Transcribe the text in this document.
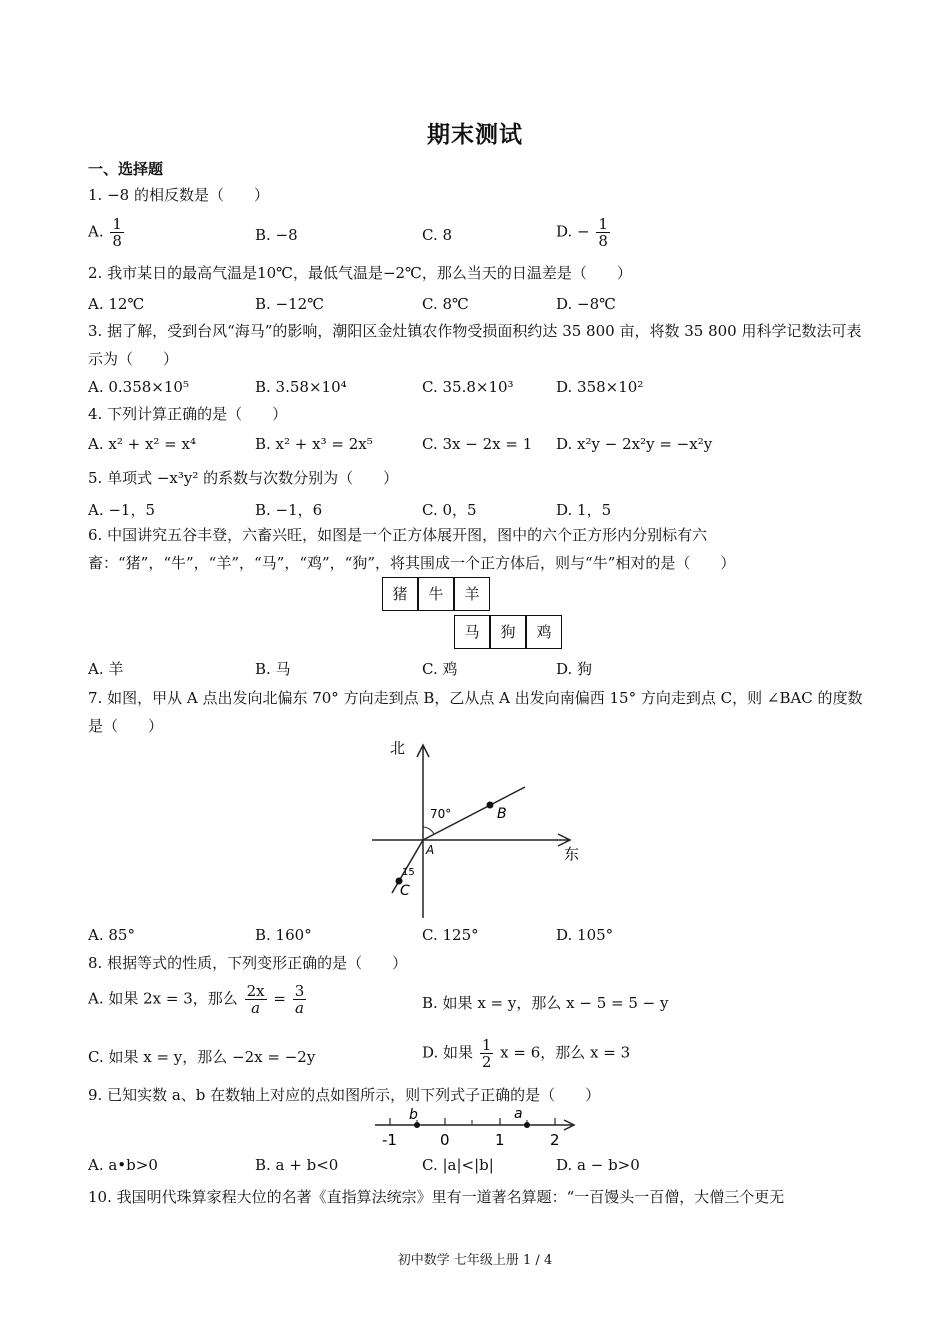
期末测试
一、选择题
1. −8 的相反数是（　　）
A. $\frac{1}{8}$	B. −8	C. 8	D. − $\frac{1}{8}$
2. 我市某日的最高气温是10℃，最低气温是−2℃，那么当天的日温差是（　　）
A. 12℃	B. −12℃	C. 8℃	D. −8℃
3. 据了解，受到台风“海马”的影响，潮阳区金灶镇农作物受损面积约达 35 800 亩，将数 35 800 用科学记数法可表示为（　　）
A. 0.358×10⁵	B. 3.58×10⁴	C. 35.8×10³	D. 358×10²
4. 下列计算正确的是（　　）
A. x² + x² = x⁴	B. x² + x³ = 2x⁵	C. 3x − 2x = 1 D. x²y − 2x²y = −x²y
5. 单项式 −x³y² 的系数与次数分别为（　　）
A. −1，5	B. −1，6	C. 0，5	D. 1，5
6. 中国讲究五谷丰登，六畜兴旺，如图是一个正方体展开图，图中的六个正方形内分别标有六畜：“猪”，“牛”，“羊”，“马”，“鸡”，“狗”，将其围成一个正方体后，则与“牛”相对的是（　　）
猪	牛	羊
马	狗	鸡
A. 羊	B. 马	C. 鸡	D. 狗
7. 如图，甲从 A 点出发向北偏东 70° 方向走到点 B，乙从点 A 出发向南偏西 15° 方向走到点 C，则 ∠BAC 的度数是（　　）
北
东
70°
15
A
B
C
A. 85°	B. 160°	C. 125°	D. 105°
8. 根据等式的性质，下列变形正确的是（　　）
A. 如果 2x = 3，那么 $\frac{2x}{a} = \frac{3}{a}$	B. 如果 x = y，那么 x − 5 = 5 − y
C. 如果 x = y，那么 −2x = −2y	D. 如果 $\frac{1}{2}$ x = 6，那么 x = 3
9. 已知实数 a、b 在数轴上对应的点如图所示，则下列式子正确的是（　　）
b	a
-1	0	1	2
A. a•b>0	B. a + b<0	C. |a|<|b|	D. a − b>0
10. 我国明代珠算家程大位的名著《直指算法统宗》里有一道著名算题：“一百馒头一百僧，大僧三个更无
初中数学 七年级上册 1 / 4
